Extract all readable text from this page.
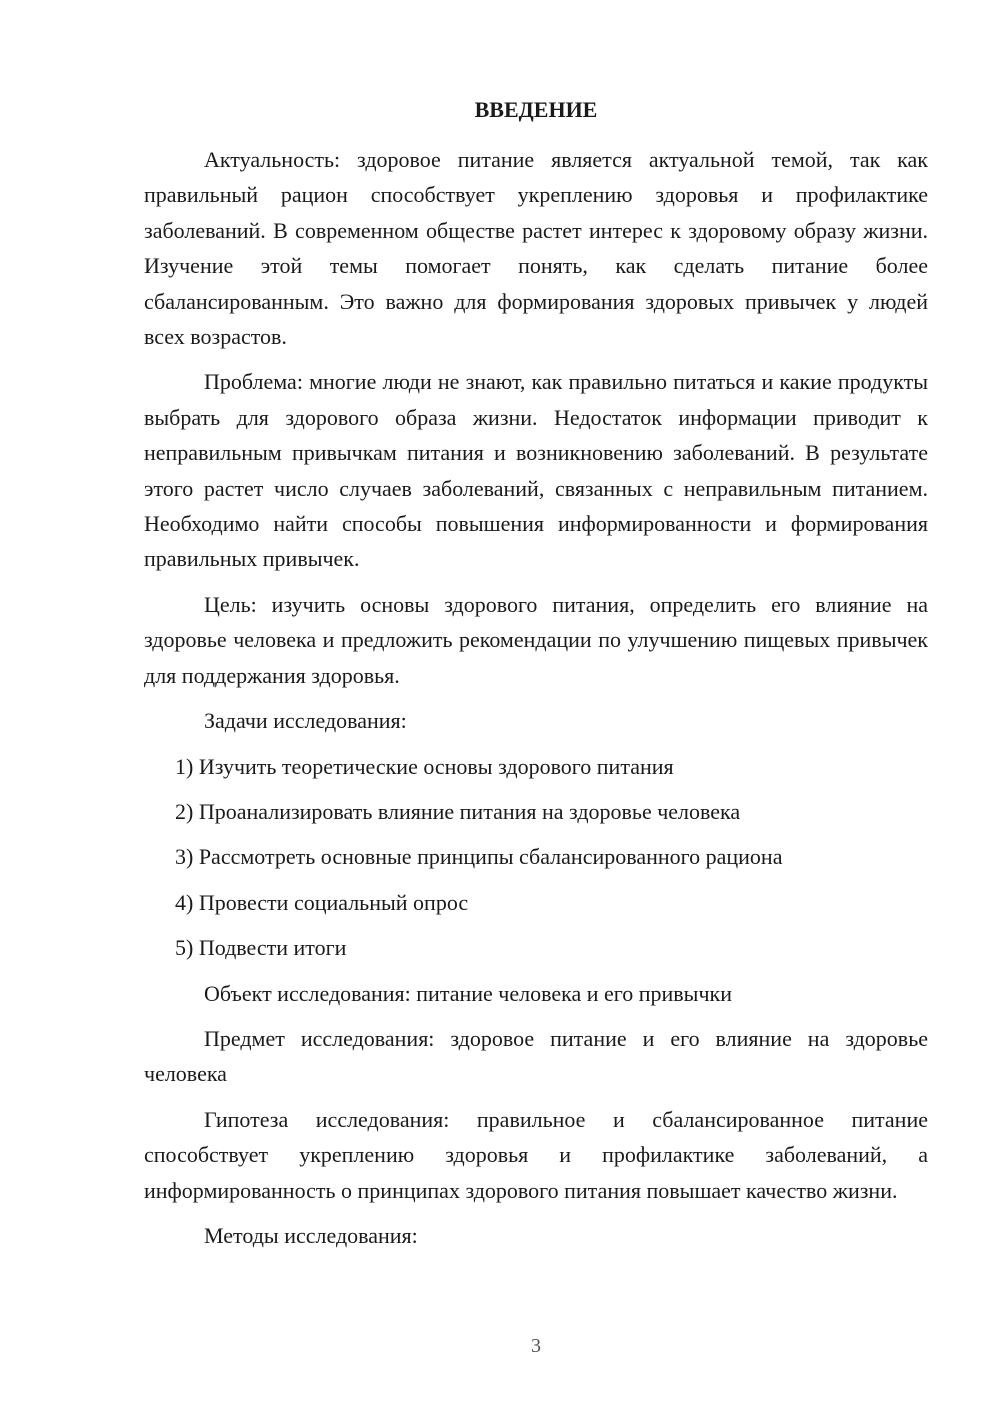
ВВЕДЕНИЕ

Актуальность: здоровое питание является актуальной темой, так как правильный рацион способствует укреплению здоровья и профилактике заболеваний. В современном обществе растет интерес к здоровому образу жизни. Изучение этой темы помогает понять, как сделать питание более сбалансированным. Это важно для формирования здоровых привычек у людей всех возрастов.

Проблема: многие люди не знают, как правильно питаться и какие продукты выбрать для здорового образа жизни. Недостаток информации приводит к неправильным привычкам питания и возникновению заболеваний. В результате этого растет число случаев заболеваний, связанных с неправильным питанием. Необходимо найти способы повышения информированности и формирования правильных привычек.

Цель: изучить основы здорового питания, определить его влияние на здоровье человека и предложить рекомендации по улучшению пищевых привычек для поддержания здоровья.

Задачи исследования:

1) Изучить теоретические основы здорового питания

2) Проанализировать влияние питания на здоровье человека

3) Рассмотреть основные принципы сбалансированного рациона

4) Провести социальный опрос

5) Подвести итоги

Объект исследования: питание человека и его привычки

Предмет исследования: здоровое питание и его влияние на здоровье человека

Гипотеза исследования: правильное и сбалансированное питание способствует укреплению здоровья и профилактике заболеваний, а информированность о принципах здорового питания повышает качество жизни.

Методы исследования:

3
